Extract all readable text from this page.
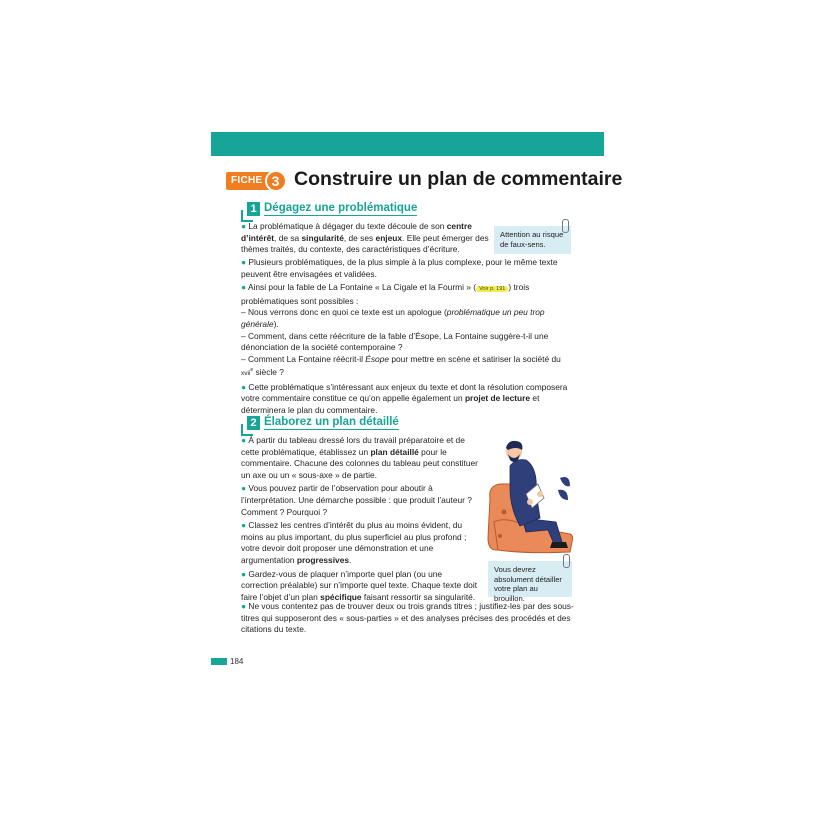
FICHE 3 Construire un plan de commentaire
1 Dégagez une problématique

● La problématique à dégager du texte découle de son centre d’intérêt, de sa singularité, de ses enjeux. Elle peut émerger des thèmes traités, du contexte, des caractéristiques d’écriture.

Attention au risque de faux-sens.

● Plusieurs problématiques, de la plus simple à la plus complexe, pour le même texte peuvent être envisagées et validées.

● Ainsi pour la fable de La Fontaine « La Cigale et la Fourmi » ( Voir p. 191 ) trois problématiques sont possibles :

– Nous verrons donc en quoi ce texte est un apologue (problématique un peu trop générale).

– Comment, dans cette réécriture de la fable d’Ésope, La Fontaine suggère-t-il une dénonciation de la société contemporaine ?

– Comment La Fontaine réécrit-il Ésope pour mettre en scène et satiriser la société du xvii$^e$ siècle ?

● Cette problématique s’intéressant aux enjeux du texte et dont la résolution composera votre commentaire constitue ce qu’on appelle également un projet de lecture et déterminera le plan du commentaire.

2 Élaborez un plan détaillé

● À partir du tableau dressé lors du travail préparatoire et de cette problématique, établissez un plan détaillé pour le commentaire. Chacune des colonnes du tableau peut constituer un axe ou un « sous-axe » de partie.

● Vous pouvez partir de l’observation pour aboutir à l’interprétation. Une démarche possible : que produit l’auteur ? Comment ? Pourquoi ?

● Classez les centres d’intérêt du plus au moins évident, du moins au plus important, du plus superficiel au plus profond ; votre devoir doit proposer une démonstration et une argumentation progressives.

● Gardez-vous de plaquer n’importe quel plan (ou une correction préalable) sur n’importe quel texte. Chaque texte doit faire l’objet d’un plan spécifique faisant ressortir sa singularité.

● Ne vous contentez pas de trouver deux ou trois grands titres ; justifiez-les par des sous-titres qui supposeront des « sous-parties » et des analyses précises des procédés et des citations du texte.

Vous devrez absolument détailler votre plan au brouillon.
184
